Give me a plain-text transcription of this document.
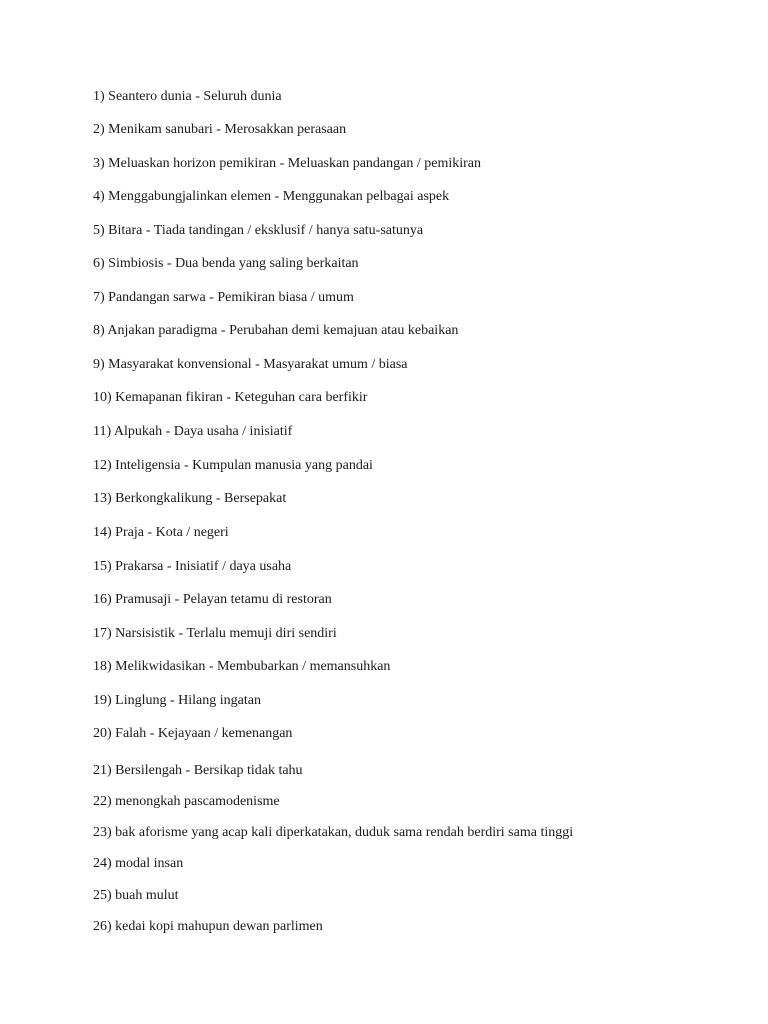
1) Seantero dunia - Seluruh dunia
2) Menikam sanubari - Merosakkan perasaan
3) Meluaskan horizon pemikiran - Meluaskan pandangan / pemikiran
4) Menggabungjalinkan elemen - Menggunakan pelbagai aspek
5) Bitara - Tiada tandingan / eksklusif / hanya satu-satunya
6) Simbiosis - Dua benda yang saling berkaitan
7) Pandangan sarwa - Pemikiran biasa / umum
8) Anjakan paradigma - Perubahan demi kemajuan atau kebaikan
9) Masyarakat konvensional - Masyarakat umum / biasa
10) Kemapanan fikiran - Keteguhan cara berfikir
11) Alpukah - Daya usaha / inisiatif
12) Inteligensia - Kumpulan manusia yang pandai
13) Berkongkalikung - Bersepakat
14) Praja - Kota / negeri
15) Prakarsa - Inisiatif / daya usaha
16) Pramusaji - Pelayan tetamu di restoran
17) Narsisistik - Terlalu memuji diri sendiri
18) Melikwidasikan - Membubarkan / memansuhkan
19) Linglung - Hilang ingatan
20) Falah - Kejayaan / kemenangan
21) Bersilengah - Bersikap tidak tahu
22) menongkah pascamodenisme
23) bak aforisme yang acap kali diperkatakan, duduk sama rendah berdiri sama tinggi
24) modal insan
25) buah mulut
26) kedai kopi mahupun dewan parlimen
